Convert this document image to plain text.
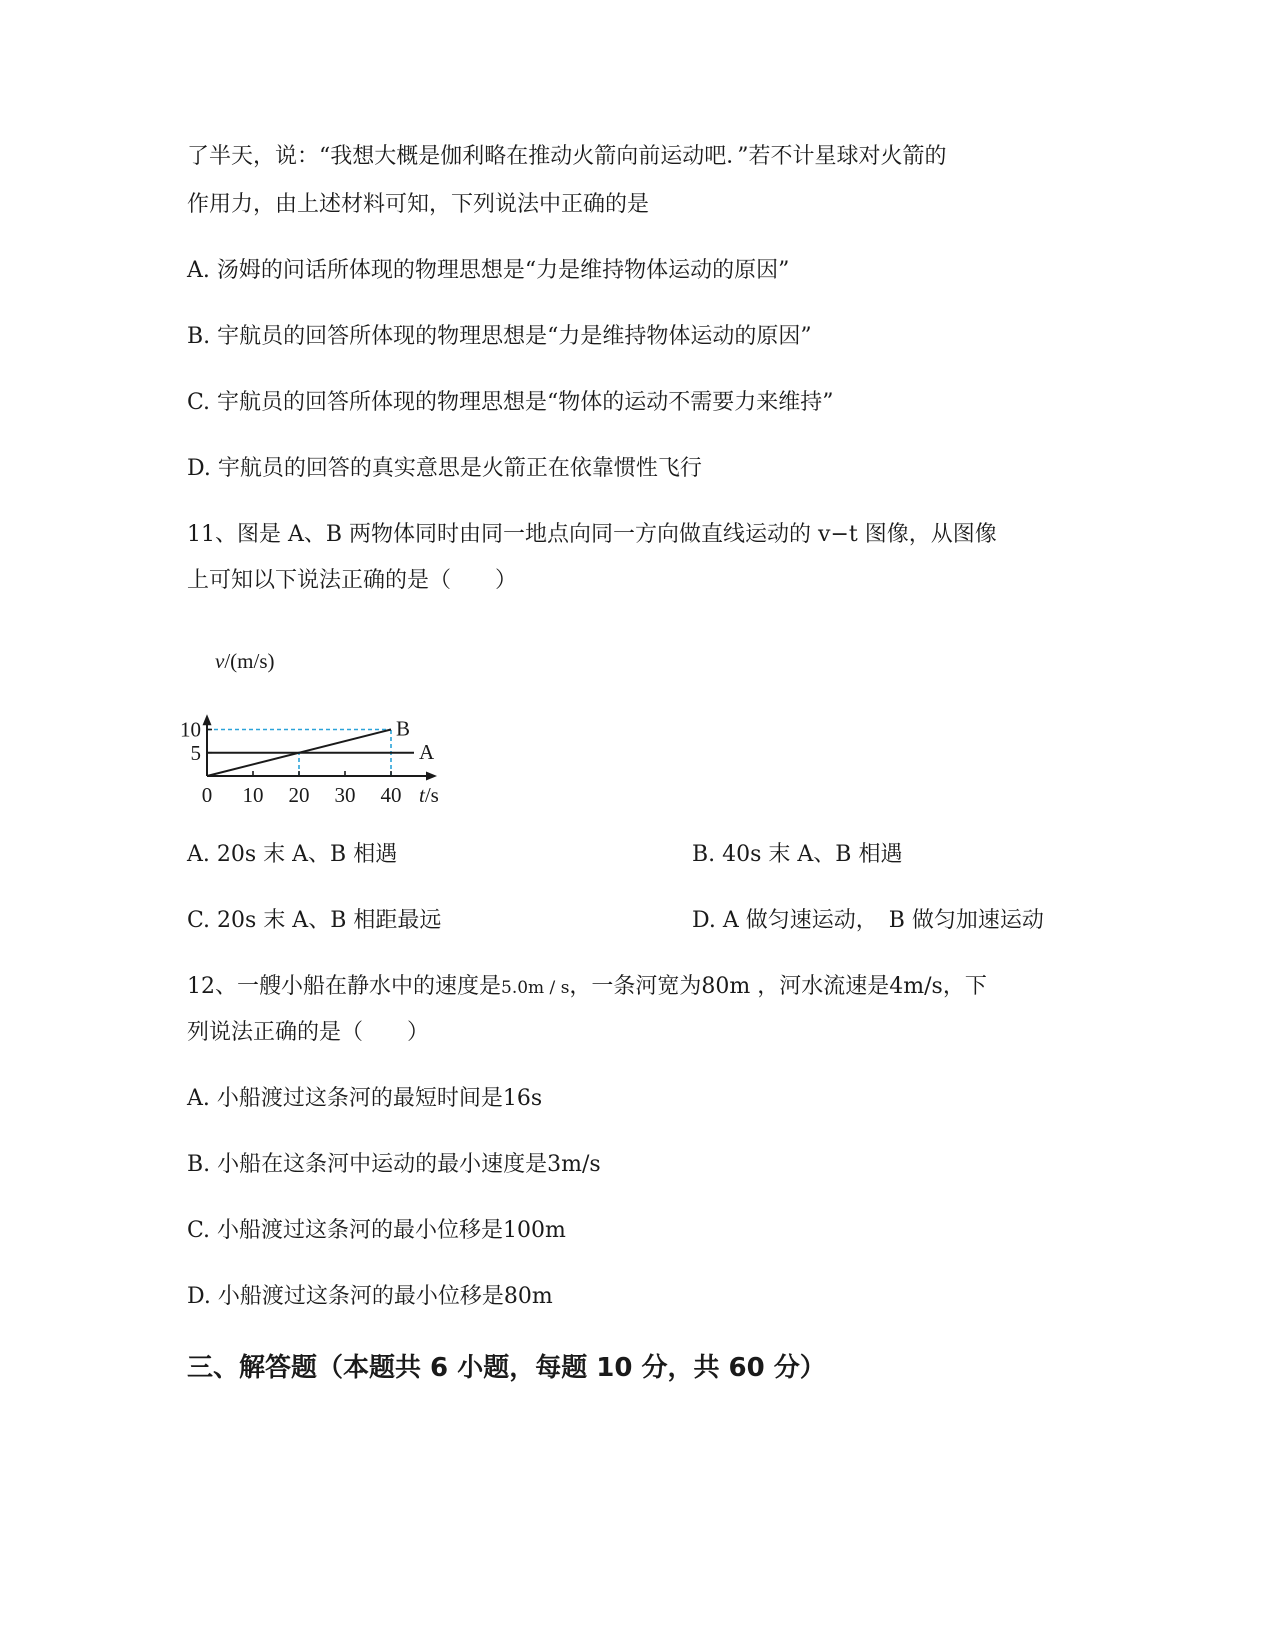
了半天，说：“我想大概是伽利略在推动火箭向前运动吧．”若不计星球对火箭的
作用力，由上述材料可知，下列说法中正确的是
A. 汤姆的问话所体现的物理思想是“力是维持物体运动的原因”
B. 宇航员的回答所体现的物理思想是“力是维持物体运动的原因”
C. 宇航员的回答所体现的物理思想是“物体的运动不需要力来维持”
D. 宇航员的回答的真实意思是火箭正在依靠惯性飞行
11、图是 A、B 两物体同时由同一地点向同一方向做直线运动的 v−t 图像，从图像
上可知以下说法正确的是（　　）
0 10 20 30 40
5
10
A
B
v/(m/s)
t/s
A. 20s 末 A、B 相遇	B. 40s 末 A、B 相遇
C. 20s 末 A、B 相距最远	D. A 做匀速运动，　B 做匀加速运动
12、一艘小船在静水中的速度是5.0m / s，一条河宽为80m ，河水流速是4m/s，下
列说法正确的是（　　）
A. 小船渡过这条河的最短时间是16s
B. 小船在这条河中运动的最小速度是3m/s
C. 小船渡过这条河的最小位移是100m
D. 小船渡过这条河的最小位移是80m
三、解答题（本题共 6 小题，每题 10 分，共 60 分）
